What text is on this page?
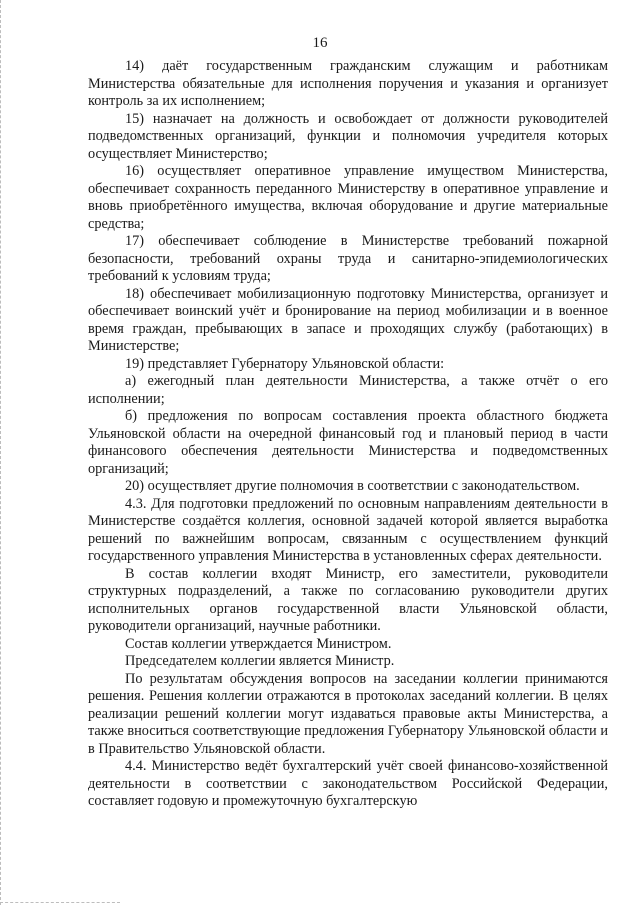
16

14) даёт государственным гражданским служащим и работникам Министерства обязательные для исполнения поручения и указания и организует контроль за их исполнением;

15) назначает на должность и освобождает от должности руководителей подведомственных организаций, функции и полномочия учредителя которых осуществляет Министерство;

16) осуществляет оперативное управление имуществом Министерства, обеспечивает сохранность переданного Министерству в оперативное управление и вновь приобретённого имущества, включая оборудование и другие материальные средства;

17) обеспечивает соблюдение в Министерстве требований пожарной безопасности, требований охраны труда и санитарно-эпидемиологических требований к условиям труда;

18) обеспечивает мобилизационную подготовку Министерства, организует и обеспечивает воинский учёт и бронирование на период мобилизации и в военное время граждан, пребывающих в запасе и проходящих службу (работающих) в Министерстве;

19) представляет Губернатору Ульяновской области:

а) ежегодный план деятельности Министерства, а также отчёт о его исполнении;

б) предложения по вопросам составления проекта областного бюджета Ульяновской области на очередной финансовый год и плановый период в части финансового обеспечения деятельности Министерства и подведомственных организаций;

20) осуществляет другие полномочия в соответствии с законодательством.

4.3. Для подготовки предложений по основным направлениям деятельности в Министерстве создаётся коллегия, основной задачей которой является выработка решений по важнейшим вопросам, связанным с осуществлением функций государственного управления Министерства в установленных сферах деятельности.

В состав коллегии входят Министр, его заместители, руководители структурных подразделений, а также по согласованию руководители других исполнительных органов государственной власти Ульяновской области, руководители организаций, научные работники.

Состав коллегии утверждается Министром.

Председателем коллегии является Министр.

По результатам обсуждения вопросов на заседании коллегии принимаются решения. Решения коллегии отражаются в протоколах заседаний коллегии. В целях реализации решений коллегии могут издаваться правовые акты Министерства, а также вноситься соответствующие предложения Губернатору Ульяновской области и в Правительство Ульяновской области.

4.4. Министерство ведёт бухгалтерский учёт своей финансово-хозяйственной деятельности в соответствии с законодательством Российской Федерации, составляет годовую и промежуточную бухгалтерскую
